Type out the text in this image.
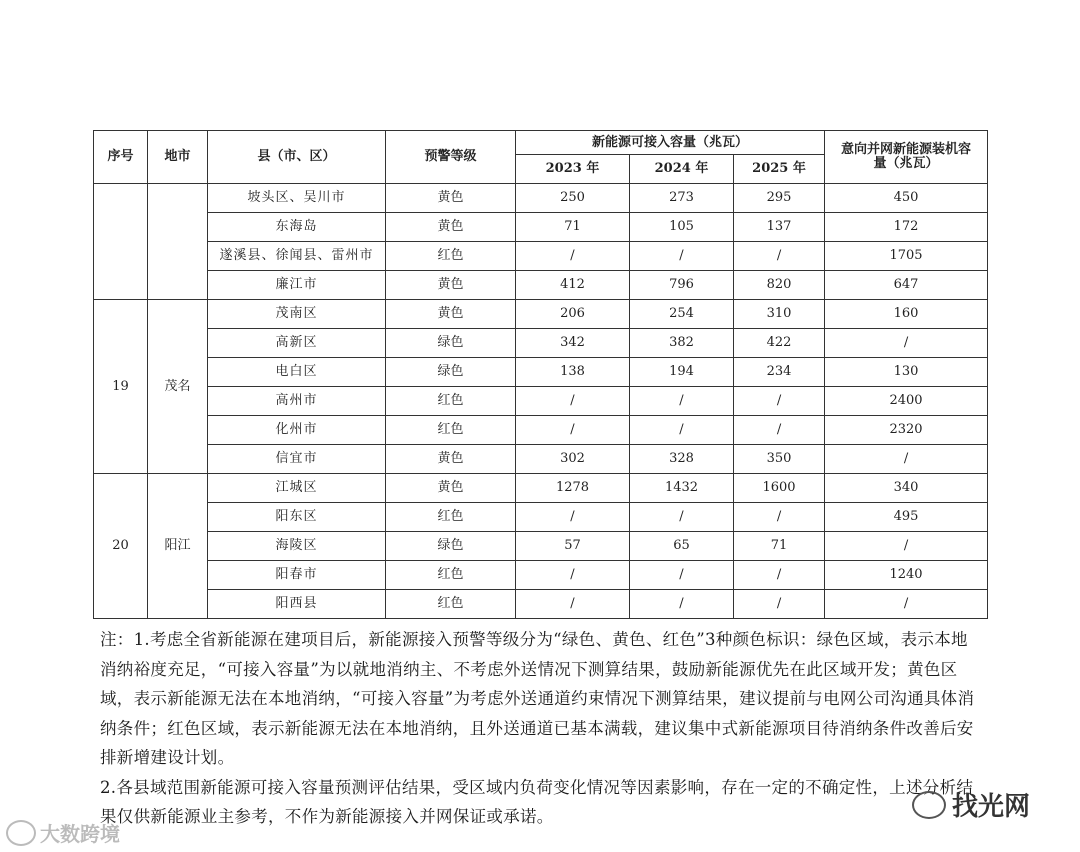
序号	地市	县（市、区）	预警等级	新能源可接入容量（兆瓦）			意向并网新能源装机容量（兆瓦）
				2023 年	2024 年	2025 年	
		坡头区、吴川市	黄色	250	273	295	450
		东海岛	黄色	71	105	137	172
		遂溪县、徐闻县、雷州市	红色	/	/	/	1705
		廉江市	黄色	412	796	820	647
19	茂名	茂南区	黄色	206	254	310	160
		高新区	绿色	342	382	422	/
		电白区	绿色	138	194	234	130
		高州市	红色	/	/	/	2400
		化州市	红色	/	/	/	2320
		信宜市	黄色	302	328	350	/
20	阳江	江城区	黄色	1278	1432	1600	340
		阳东区	红色	/	/	/	495
		海陵区	绿色	57	65	71	/
		阳春市	红色	/	/	/	1240
		阳西县	红色	/	/	/	/

注：1.考虑全省新能源在建项目后，新能源接入预警等级分为“绿色、黄色、红色”3种颜色标识：绿色区域，表示本地消纳裕度充足，“可接入容量”为以就地消纳主、不考虑外送情况下测算结果，鼓励新能源优先在此区域开发；黄色区域，表示新能源无法在本地消纳，“可接入容量”为考虑外送通道约束情况下测算结果，建议提前与电网公司沟通具体消纳条件；红色区域，表示新能源无法在本地消纳，且外送通道已基本满载，建议集中式新能源项目待消纳条件改善后安排新增建设计划。

2.各县域范围新能源可接入容量预测评估结果，受区域内负荷变化情况等因素影响，存在一定的不确定性，上述分析结果仅供新能源业主参考，不作为新能源接入并网保证或承诺。

大数跨境
找光网
